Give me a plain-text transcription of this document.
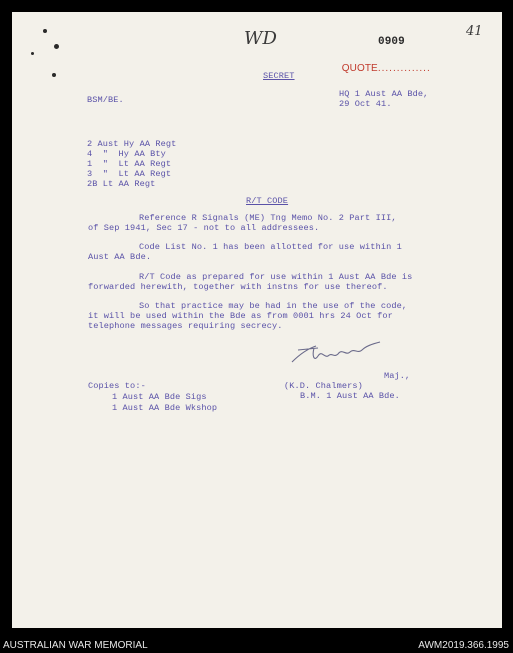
WD	41
0909

QUOTE..............

SECRET
BSM/BE.
HQ 1 Aust AA Bde,
29 Oct 41.
2 Aust Hy AA Regt
4  "  Hy AA Bty
1  "  Lt AA Regt
3  "  Lt AA Regt
2B Lt AA Regt
R/T CODE
Reference R Signals (ME) Tng Memo No. 2 Part III,
of Sep 1941, Sec 17 - not to all addressees.
Code List No. 1 has been allotted for use within 1
Aust AA Bde.
R/T Code as prepared for use within 1 Aust AA Bde is
forwarded herewith, together with instns for use thereof.
So that practice may be had in the use of the code,
it will be used within the Bde as from 0001 hrs 24 Oct for
telephone messages requiring secrecy.
Maj.,
(K.D. Chalmers)
B.M. 1 Aust AA Bde.
Copies to:-
1 Aust AA Bde Sigs
1 Aust AA Bde Wkshop
AUSTRALIAN WAR MEMORIAL	AWM2019.366.1995
